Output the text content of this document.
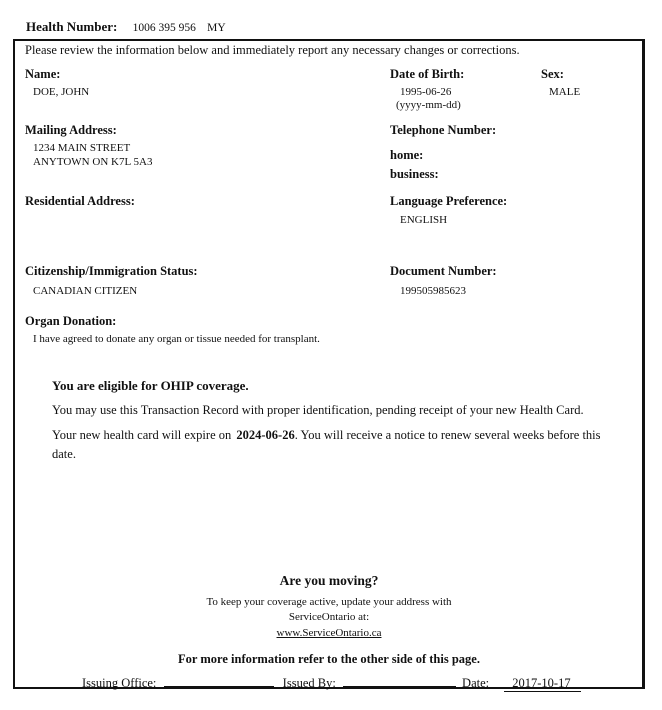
Health Number: 1006 395 956 MY
Please review the information below and immediately report any necessary changes or corrections.
Name:
DOE, JOHN
Date of Birth:
1995-06-26
(yyyy-mm-dd)
Sex:
MALE
Mailing Address:
1234 MAIN STREET
ANYTOWN ON K7L 5A3
Telephone Number:
home:
business:
Residential Address:	Language Preference:
ENGLISH
Citizenship/Immigration Status:
CANADIAN CITIZEN
Document Number:
199505985623
Organ Donation:
I have agreed to donate any organ or tissue needed for transplant.
You are eligible for OHIP coverage.
You may use this Transaction Record with proper identification, pending receipt of your new Health Card.
Your new health card will expire on 2024-06-26. You will receive a notice to renew several weeks before this
date.
Are you moving?
To keep your coverage active, update your address with
ServiceOntario at:
www.ServiceOntario.ca
For more information refer to the other side of this page.
Issuing Office:	Issued By:	Date: 2017-10-17
